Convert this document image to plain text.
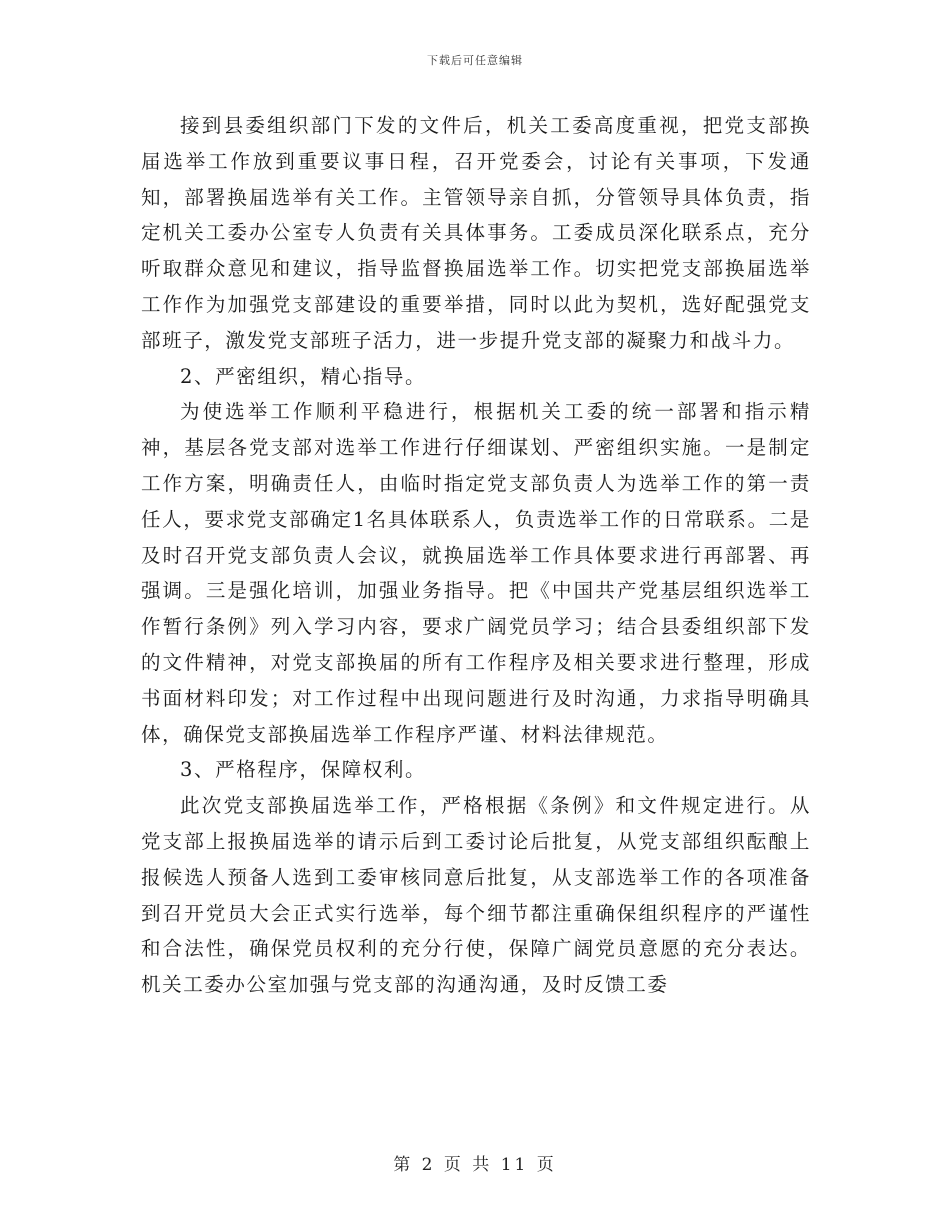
下载后可任意编辑

接到县委组织部门下发的文件后，机关工委高度重视，把党支部换届选举工作放到重要议事日程，召开党委会，讨论有关事项，下发通知，部署换届选举有关工作。主管领导亲自抓，分管领导具体负责，指定机关工委办公室专人负责有关具体事务。工委成员深化联系点，充分听取群众意见和建议，指导监督换届选举工作。切实把党支部换届选举工作作为加强党支部建设的重要举措，同时以此为契机，选好配强党支部班子，激发党支部班子活力，进一步提升党支部的凝聚力和战斗力。

2、严密组织，精心指导。

为使选举工作顺利平稳进行，根据机关工委的统一部署和指示精神，基层各党支部对选举工作进行仔细谋划、严密组织实施。一是制定工作方案，明确责任人，由临时指定党支部负责人为选举工作的第一责任人，要求党支部确定1名具体联系人，负责选举工作的日常联系。二是及时召开党支部负责人会议，就换届选举工作具体要求进行再部署、再强调。三是强化培训，加强业务指导。把《中国共产党基层组织选举工作暂行条例》列入学习内容，要求广阔党员学习；结合县委组织部下发的文件精神，对党支部换届的所有工作程序及相关要求进行整理，形成书面材料印发；对工作过程中出现问题进行及时沟通，力求指导明确具体，确保党支部换届选举工作程序严谨、材料法律规范。

3、严格程序，保障权利。

此次党支部换届选举工作，严格根据《条例》和文件规定进行。从党支部上报换届选举的请示后到工委讨论后批复，从党支部组织酝酿上报候选人预备人选到工委审核同意后批复，从支部选举工作的各项准备到召开党员大会正式实行选举，每个细节都注重确保组织程序的严谨性和合法性，确保党员权利的充分行使，保障广阔党员意愿的充分表达。机关工委办公室加强与党支部的沟通沟通，及时反馈工委

第 2 页 共 11 页
